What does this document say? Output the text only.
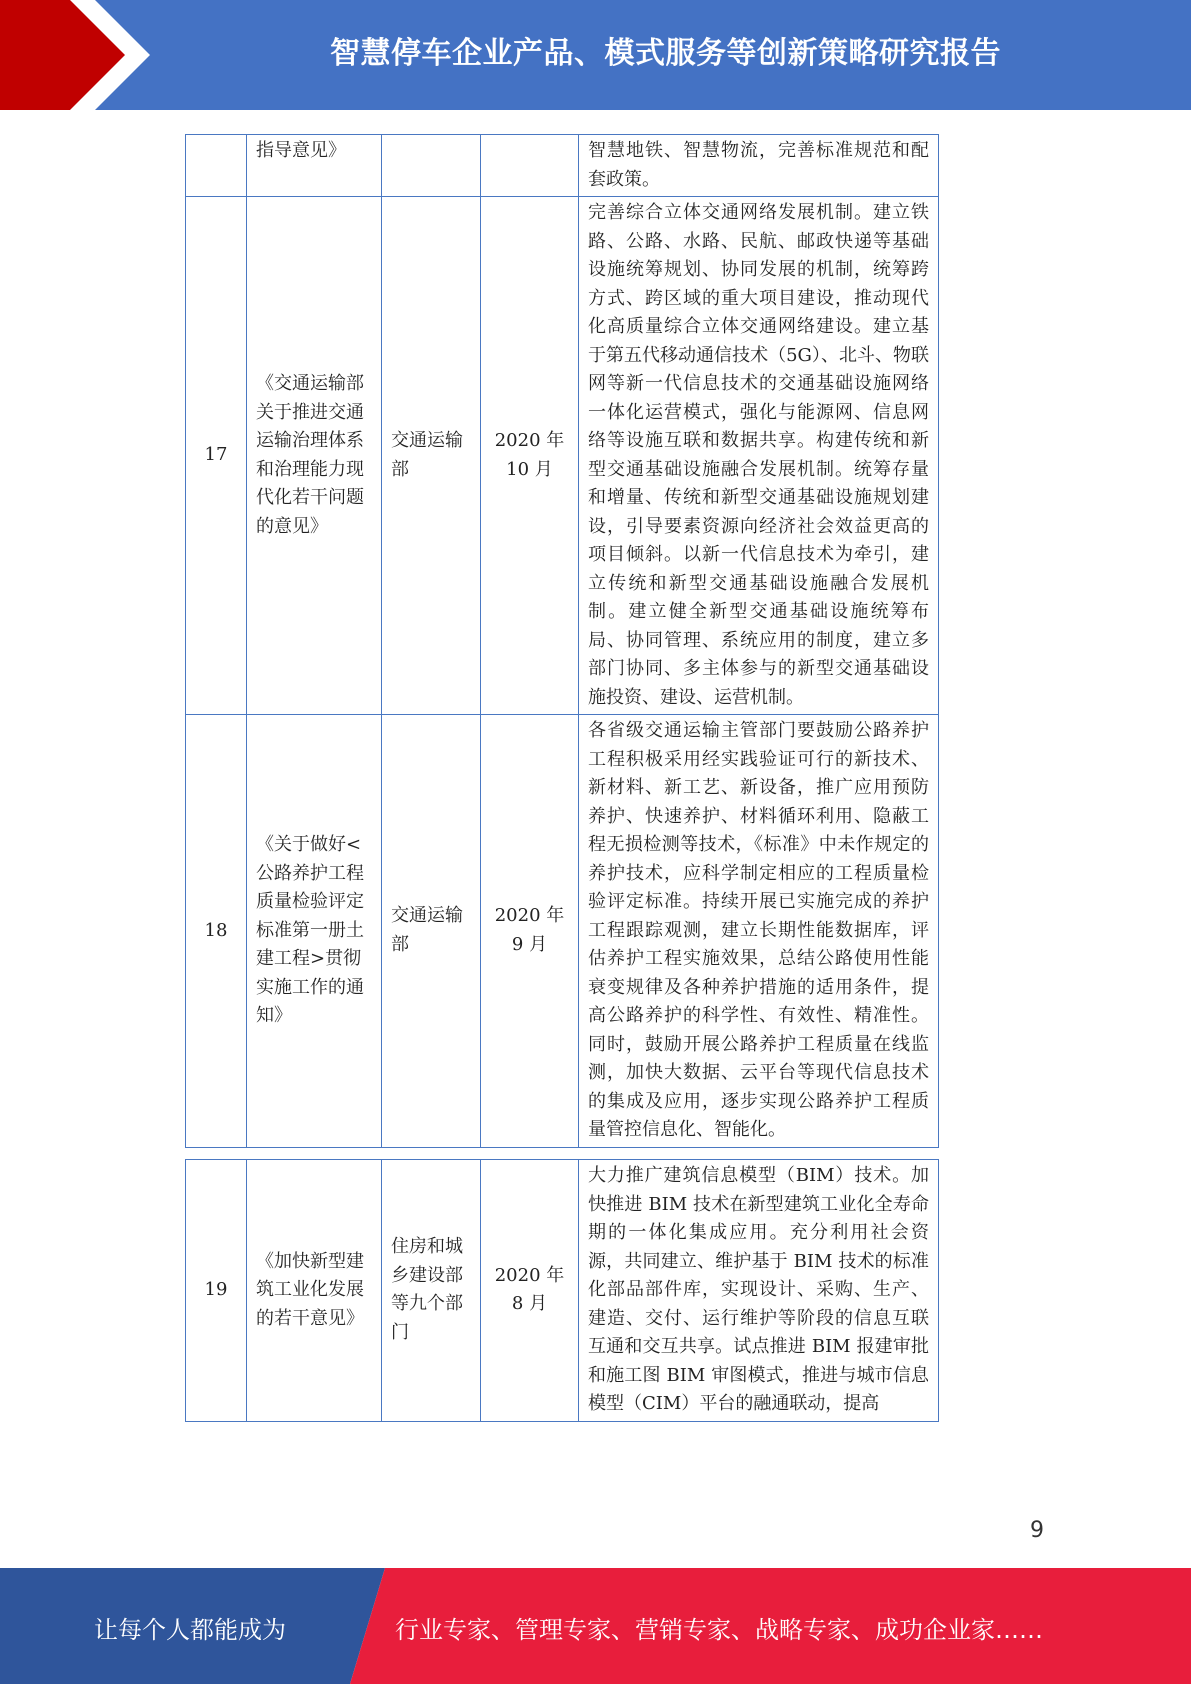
智慧停车企业产品、模式服务等创新策略研究报告
	指导意见》			智慧地铁、智慧物流，完善标准规范和配套政策。
17	《交通运输部关于推进交通运输治理体系和治理能力现代化若干问题的意见》	交通运输部	2020 年 10 月	完善综合立体交通网络发展机制。建立铁路、公路、水路、民航、邮政快递等基础设施统筹规划、协同发展的机制，统筹跨方式、跨区域的重大项目建设，推动现代化高质量综合立体交通网络建设。建立基于第五代移动通信技术（5G）、北斗、物联网等新一代信息技术的交通基础设施网络一体化运营模式，强化与能源网、信息网络等设施互联和数据共享。构建传统和新型交通基础设施融合发展机制。统筹存量和增量、传统和新型交通基础设施规划建设，引导要素资源向经济社会效益更高的项目倾斜。以新一代信息技术为牵引，建立传统和新型交通基础设施融合发展机制。建立健全新型交通基础设施统筹布局、协同管理、系统应用的制度，建立多部门协同、多主体参与的新型交通基础设施投资、建设、运营机制。
18	《关于做好<公路养护工程质量检验评定标准第一册土建工程>贯彻实施工作的通知》	交通运输部	2020 年 9 月	各省级交通运输主管部门要鼓励公路养护工程积极采用经实践验证可行的新技术、新材料、新工艺、新设备，推广应用预防养护、快速养护、材料循环利用、隐蔽工程无损检测等技术，《标准》中未作规定的养护技术，应科学制定相应的工程质量检验评定标准。持续开展已实施完成的养护工程跟踪观测，建立长期性能数据库，评估养护工程实施效果，总结公路使用性能衰变规律及各种养护措施的适用条件，提高公路养护的科学性、有效性、精准性。同时，鼓励开展公路养护工程质量在线监测，加快大数据、云平台等现代信息技术的集成及应用，逐步实现公路养护工程质量管控信息化、智能化。
19	《加快新型建筑工业化发展的若干意见》	住房和城乡建设部等九个部门	2020 年 8 月	大力推广建筑信息模型（BIM）技术。加快推进 BIM 技术在新型建筑工业化全寿命期的一体化集成应用。充分利用社会资源，共同建立、维护基于 BIM 技术的标准化部品部件库，实现设计、采购、生产、建造、交付、运行维护等阶段的信息互联互通和交互共享。试点推进 BIM 报建审批和施工图 BIM 审图模式，推进与城市信息模型（CIM）平台的融通联动，提高
9
让每个人都能成为	行业专家、管理专家、营销专家、战略专家、成功企业家……
